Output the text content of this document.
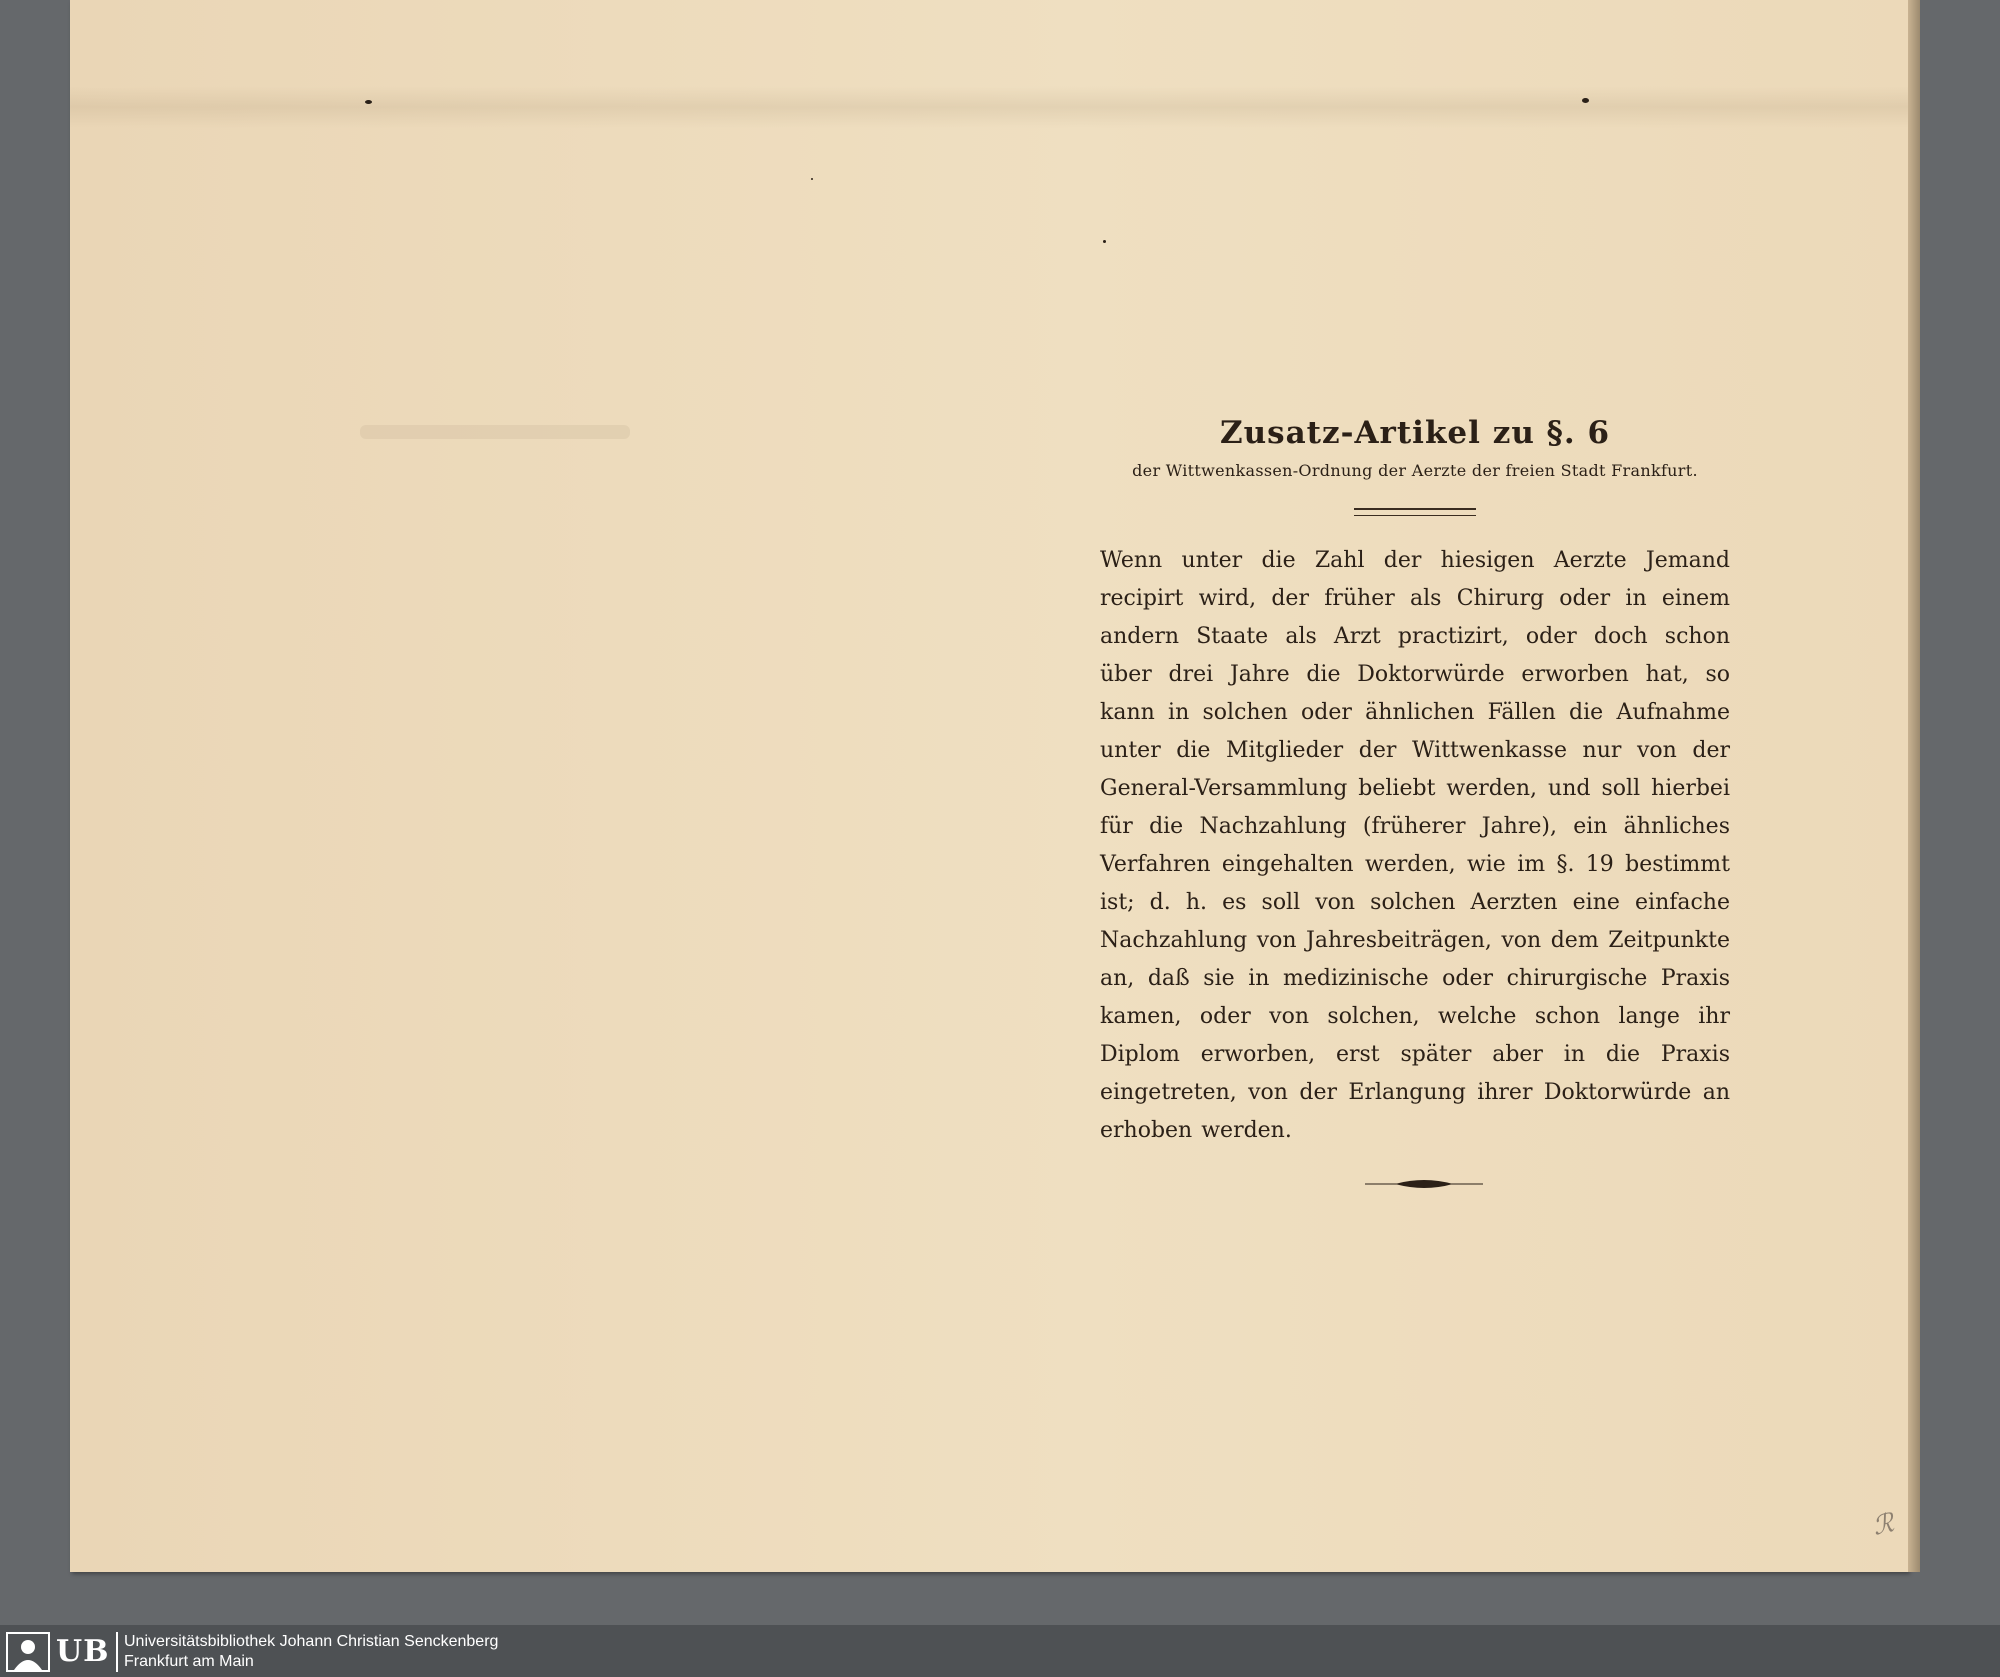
Zusatz-Artikel zu §. 6
der Wittwenkassen-Ordnung der Aerzte der freien Stadt Frankfurt.

Wenn unter die Zahl der hiesigen Aerzte Jemand recipirt wird, der früher als Chirurg oder in einem andern Staate als Arzt practizirt, oder doch schon über drei Jahre die Doktorwürde erworben hat, so kann in solchen oder ähnlichen Fällen die Aufnahme unter die Mitglieder der Wittwenkasse nur von der General-Versammlung beliebt werden, und soll hierbei für die Nachzahlung (früherer Jahre), ein ähnliches Verfahren eingehalten werden, wie im §. 19 bestimmt ist; d. h. es soll von solchen Aerzten eine einfache Nachzahlung von Jahresbeiträgen, von dem Zeitpunkte an, daß sie in medizinische oder chirurgische Praxis kamen, oder von solchen, welche schon lange ihr Diplom erworben, erst später aber in die Praxis eingetreten, von der Erlangung ihrer Doktorwürde an erhoben werden.

ℛ
UB Universitätsbibliothek Johann Christian Senckenberg
Frankfurt am Main
